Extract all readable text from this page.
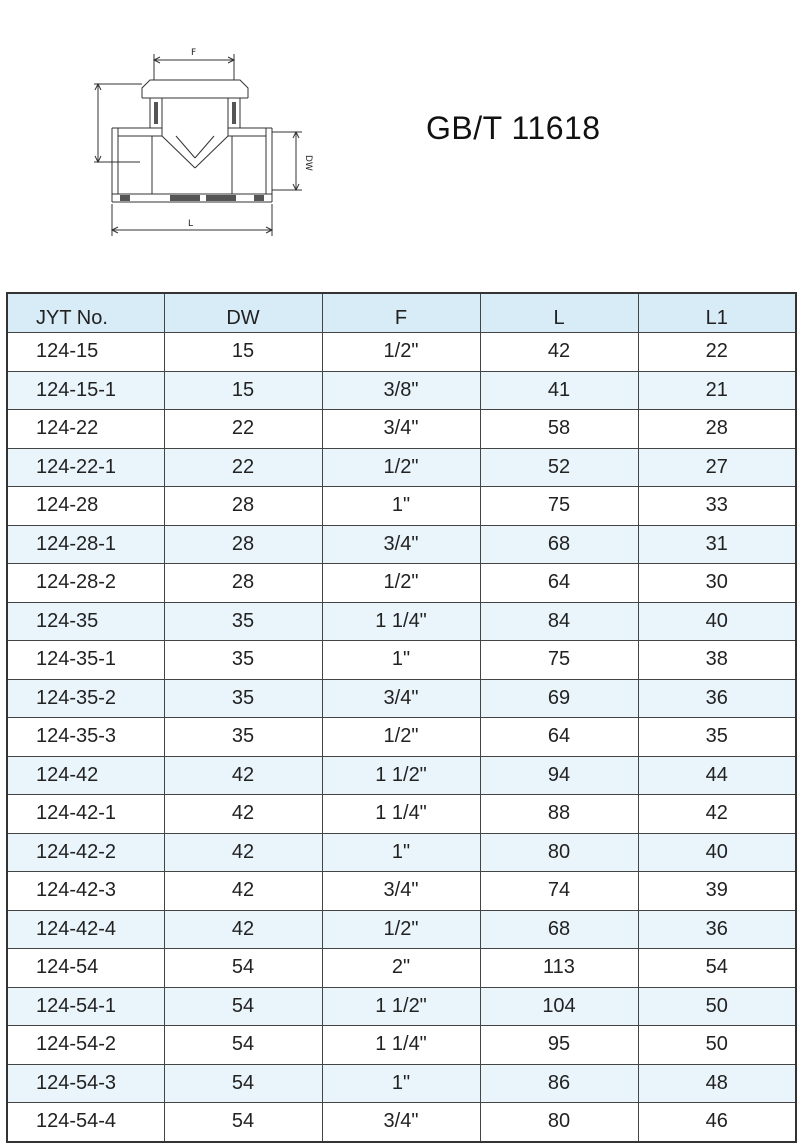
F
DW
L
GB/T 11618
JYT No.	DW	F	L	L1
124-15	15	1/2"	42	22
124-15-1	15	3/8"	41	21
124-22	22	3/4"	58	28
124-22-1	22	1/2"	52	27
124-28	28	1"	75	33
124-28-1	28	3/4"	68	31
124-28-2	28	1/2"	64	30
124-35	35	1 1/4"	84	40
124-35-1	35	1"	75	38
124-35-2	35	3/4"	69	36
124-35-3	35	1/2"	64	35
124-42	42	1 1/2"	94	44
124-42-1	42	1 1/4"	88	42
124-42-2	42	1"	80	40
124-42-3	42	3/4"	74	39
124-42-4	42	1/2"	68	36
124-54	54	2"	113	54
124-54-1	54	1 1/2"	104	50
124-54-2	54	1 1/4"	95	50
124-54-3	54	1"	86	48
124-54-4	54	3/4"	80	46
